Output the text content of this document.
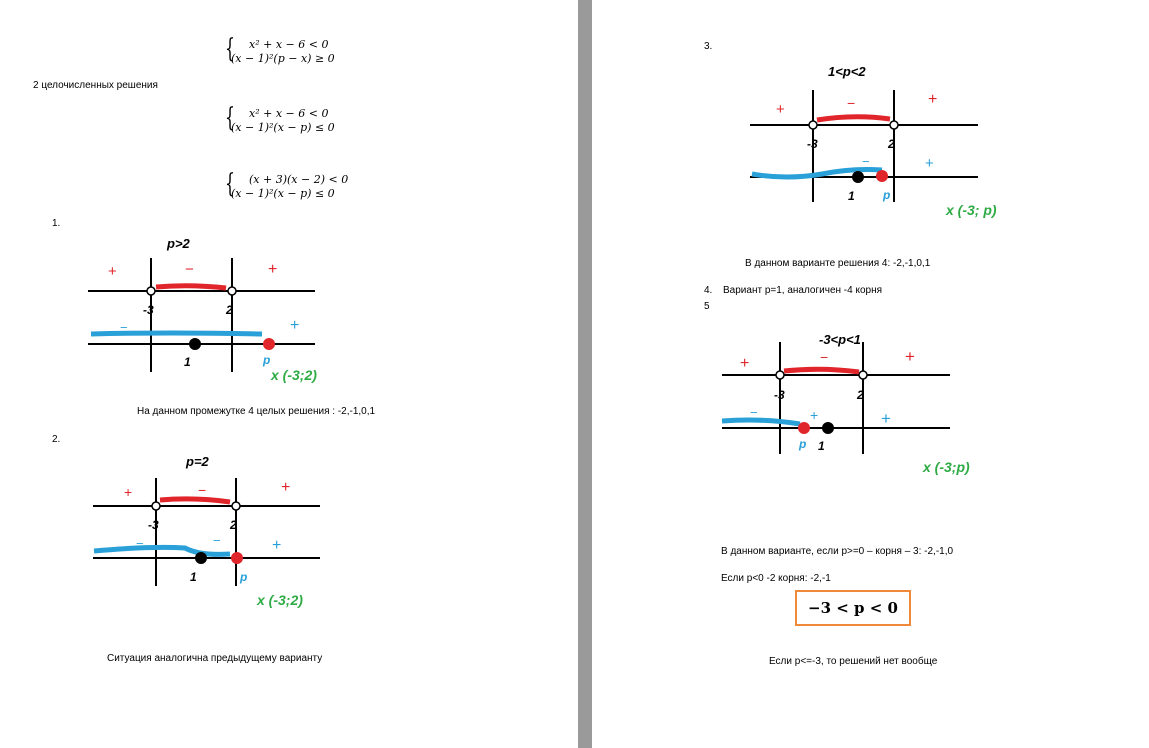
{ x² + x − 6 < 0
(x − 1)²(p − x) ≥ 0
2 целочисленных решения
{ x² + x − 6 < 0
(x − 1)²(x − p) ≤ 0
{ (x + 3)(x − 2) < 0
(x − 1)²(x − p) ≤ 0
1.
p>2
+	−	+
−	+
-3	2
1	p
x (-3;2)
p=2
+	−	+
−	−	+
-3	2
1	p
x (-3;2)
На данном промежутке 4 целых решения : -2,-1,0,1
2.
Ситуация аналогична предыдущему варианту
3.
1<p<2
+	−	+
−	+
-3	2
1 p
x (-3; p)
-3<p<1
+	−	+
−	+	+
-3	2
p 1
x (-3;p)
В данном варианте решения 4: -2,-1,0,1
4. Вариант p=1, аналогичен -4 корня
5
В данном варианте, если p>=0 – корня – 3: -2,-1,0
Если p<0 -2 корня: -2,-1
−3 < p < 0
Если p<=-3, то решений нет вообще
